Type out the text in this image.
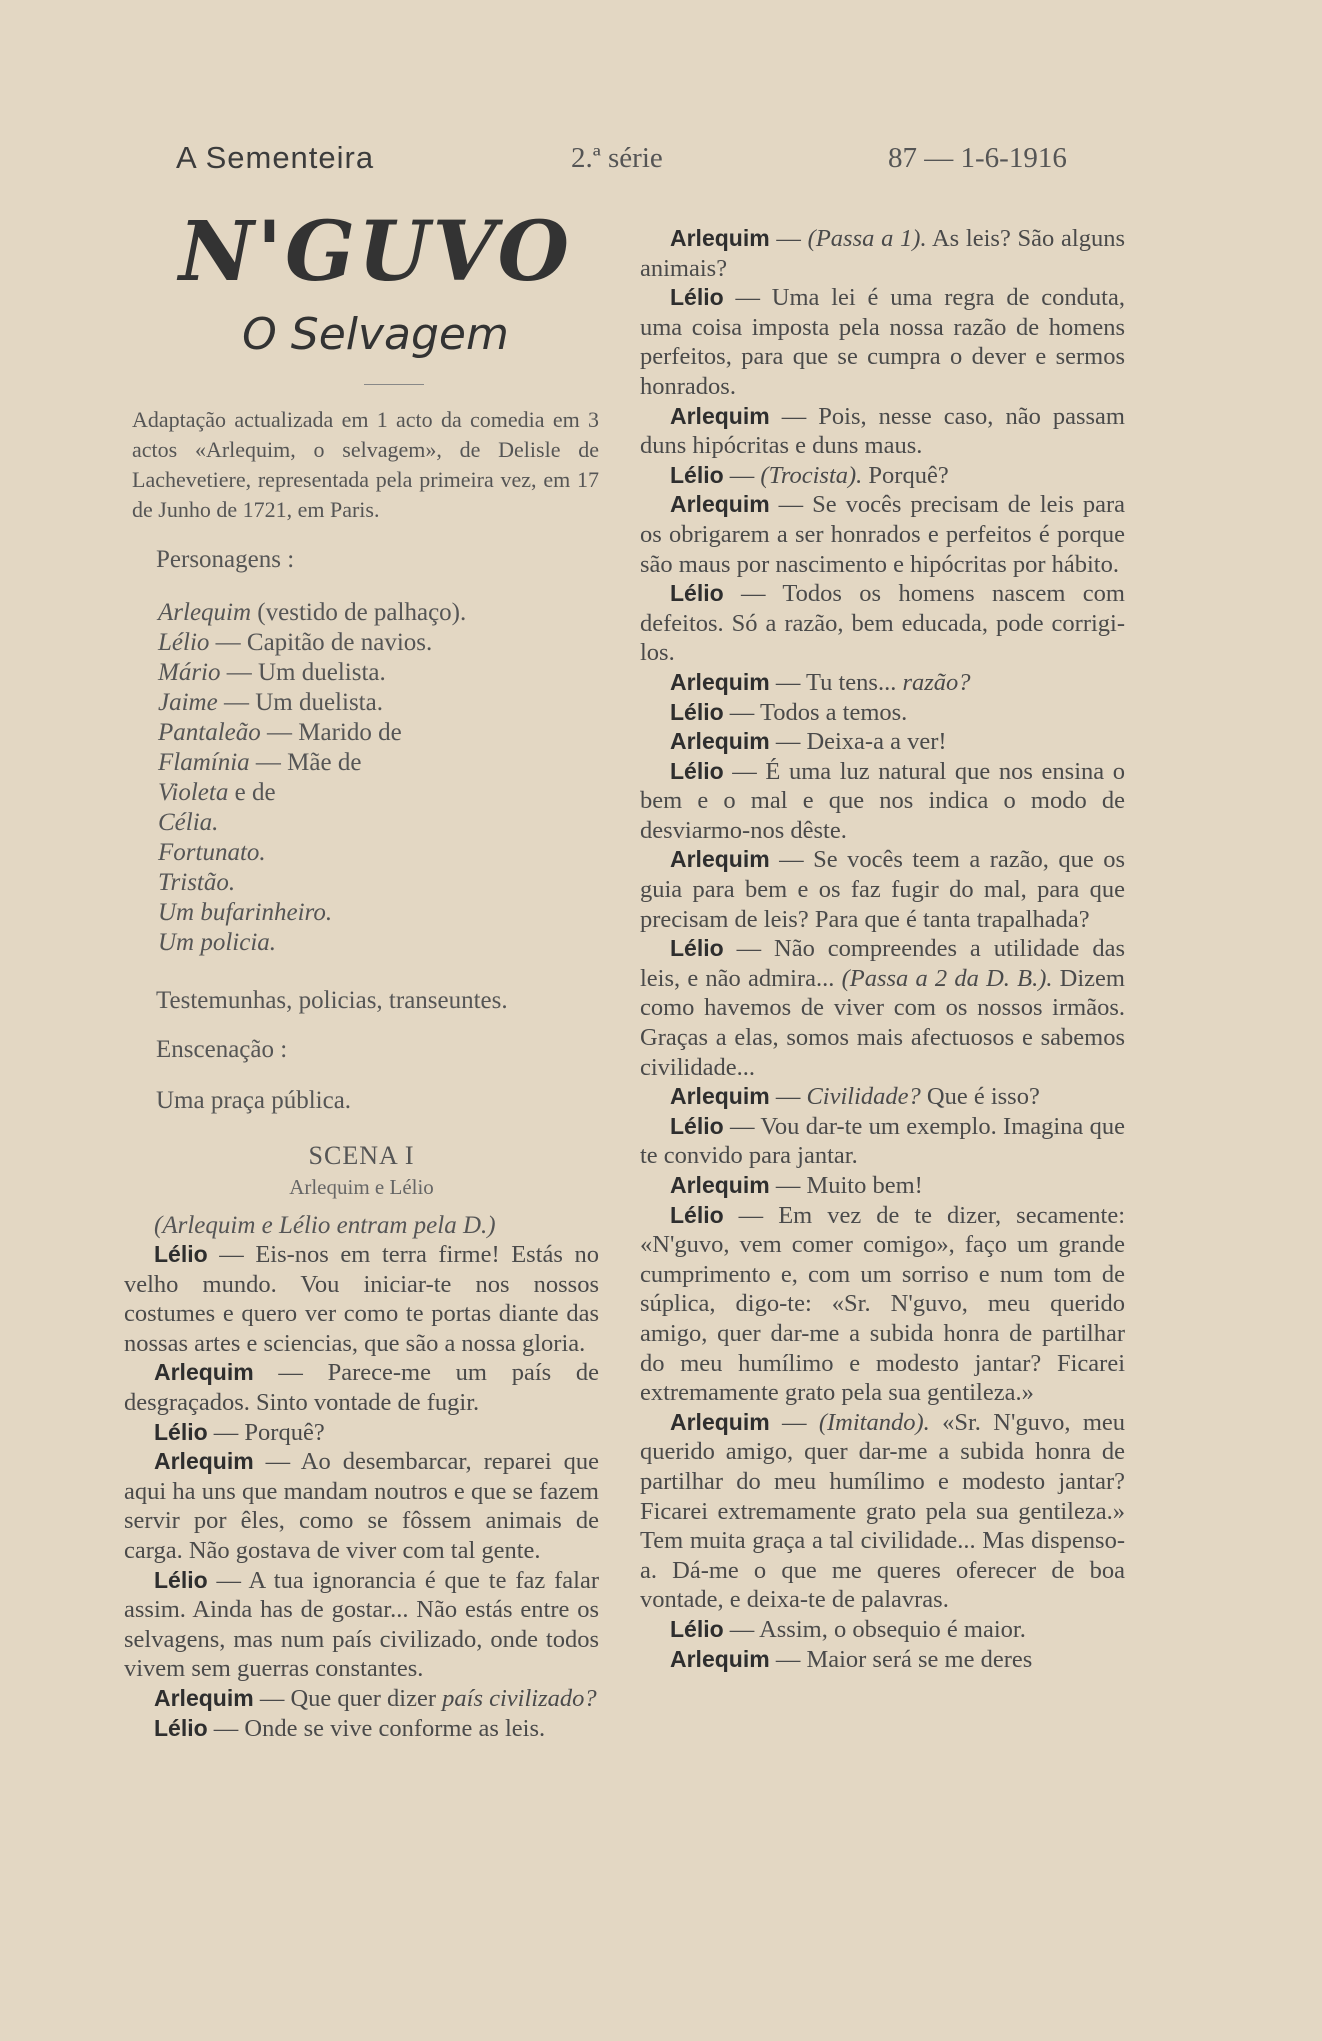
A Sementeira	2.ª série	87 — 1-6-1916
N'GUVO
O Selvagem

Adaptação actualizada em 1 acto da comedia em 3 actos «Arlequim, o selvagem», de Delisle de Lachevetiere, representada pela primeira vez, em 17 de Junho de 1721, em Paris.

Personagens :
Arlequim (vestido de palhaço).
Lélio — Capitão de navios.
Mário — Um duelista.
Jaime — Um duelista.
Pantaleão — Marido de
Flamínia — Mãe de
Violeta e de
Célia.
Fortunato.
Tristão.
Um bufarinheiro.
Um policia.
Testemunhas, policias, transeuntes.
Enscenação :
Uma praça pública.
SCENA I
Arlequim e Lélio
(Arlequim e Lélio entram pela D.)

Lélio — Eis-nos em terra firme! Estás no velho mundo. Vou iniciar-te nos nossos costumes e quero ver como te portas diante das nossas artes e sciencias, que são a nossa gloria.

Arlequim — Parece-me um país de desgraçados. Sinto vontade de fugir.

Lélio — Porquê?

Arlequim — Ao desembarcar, reparei que aqui ha uns que mandam noutros e que se fazem servir por êles, como se fôssem animais de carga. Não gostava de viver com tal gente.

Lélio — A tua ignorancia é que te faz falar assim. Ainda has de gostar... Não estás entre os selvagens, mas num país civilizado, onde todos vivem sem guerras constantes.

Arlequim — Que quer dizer país civilizado?

Lélio — Onde se vive conforme as leis.

Arlequim — (Passa a 1). As leis? São alguns animais?

Lélio — Uma lei é uma regra de conduta, uma coisa imposta pela nossa razão de homens perfeitos, para que se cumpra o dever e sermos honrados.

Arlequim — Pois, nesse caso, não passam duns hipócritas e duns maus.

Lélio — (Trocista). Porquê?

Arlequim — Se vocês precisam de leis para os obrigarem a ser honrados e perfeitos é porque são maus por nascimento e hipócritas por hábito.

Lélio — Todos os homens nascem com defeitos. Só a razão, bem educada, pode corrigi-los.

Arlequim — Tu tens... razão?

Lélio — Todos a temos.

Arlequim — Deixa-a a ver!

Lélio — É uma luz natural que nos ensina o bem e o mal e que nos indica o modo de desviarmo-nos dêste.

Arlequim — Se vocês teem a razão, que os guia para bem e os faz fugir do mal, para que precisam de leis? Para que é tanta trapalhada?

Lélio — Não compreendes a utilidade das leis, e não admira... (Passa a 2 da D. B.). Dizem como havemos de viver com os nossos irmãos. Graças a elas, somos mais afectuosos e sabemos civilidade...

Arlequim — Civilidade? Que é isso?

Lélio — Vou dar-te um exemplo. Imagina que te convido para jantar.

Arlequim — Muito bem!

Lélio — Em vez de te dizer, secamente: «N'guvo, vem comer comigo», faço um grande cumprimento e, com um sorriso e num tom de súplica, digo-te: «Sr. N'guvo, meu querido amigo, quer dar-me a subida honra de partilhar do meu humílimo e modesto jantar? Ficarei extremamente grato pela sua gentileza.»

Arlequim — (Imitando). «Sr. N'guvo, meu querido amigo, quer dar-me a subida honra de partilhar do meu humílimo e modesto jantar? Ficarei extremamente grato pela sua gentileza.» Tem muita graça a tal civilidade... Mas dispenso-a. Dá-me o que me queres oferecer de boa vontade, e deixa-te de palavras.

Lélio — Assim, o obsequio é maior.

Arlequim — Maior será se me deres
